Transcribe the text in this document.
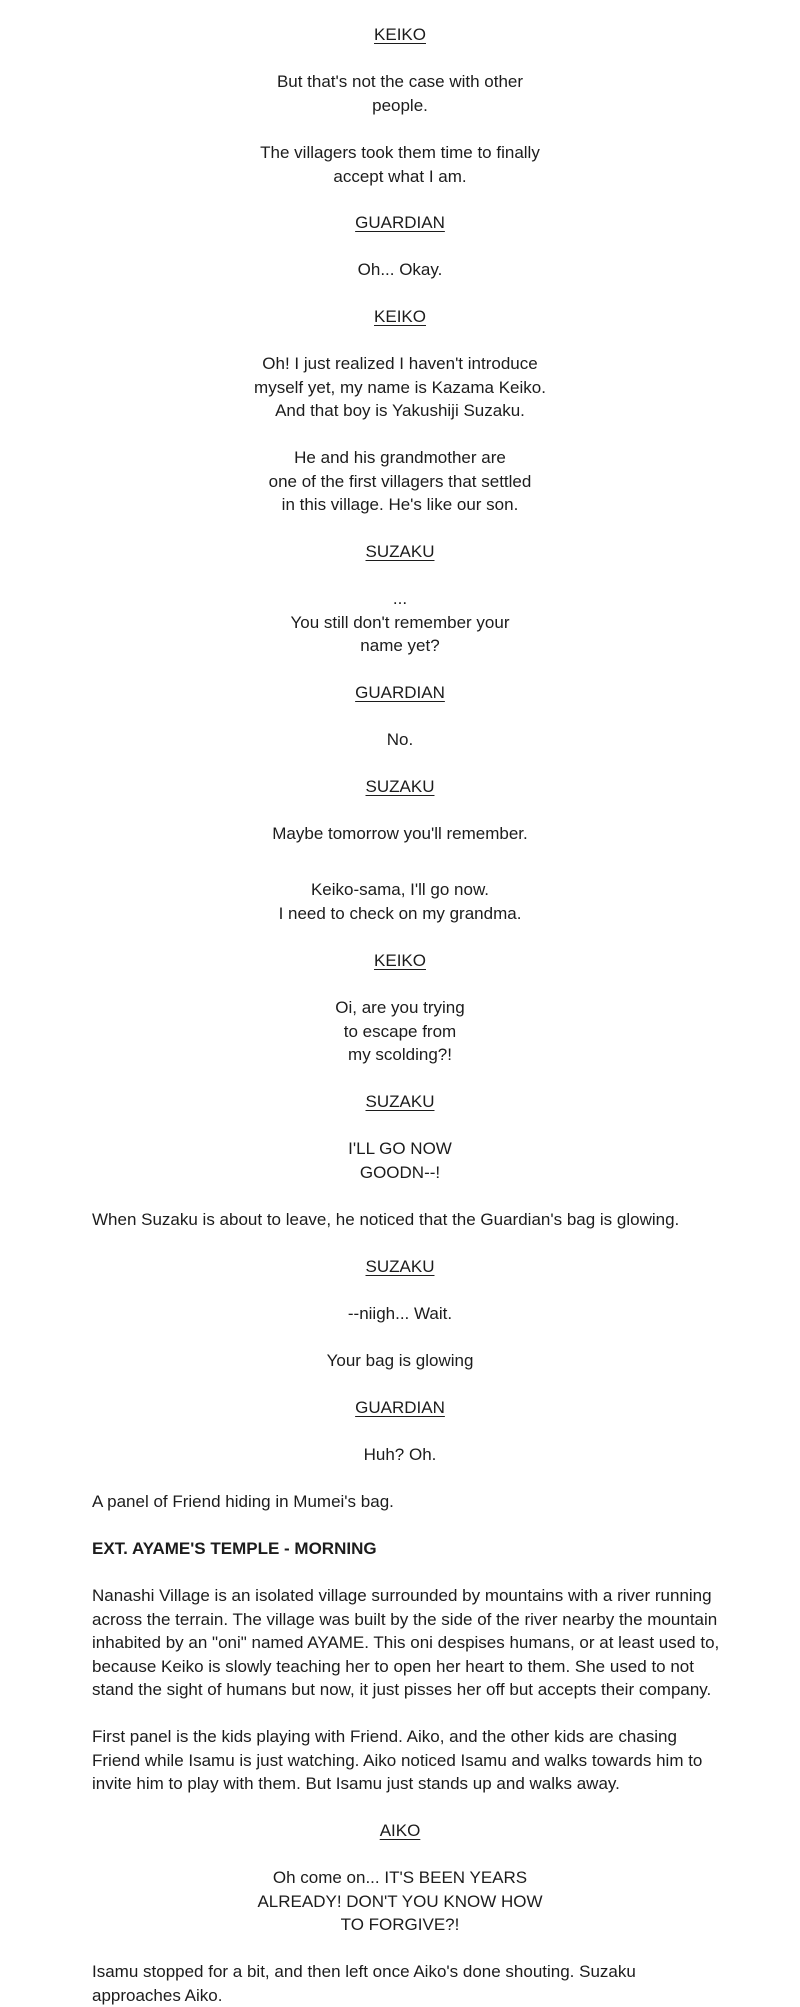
KEIKO
But that's not the case with other
people.
The villagers took them time to finally
accept what I am.
GUARDIAN
Oh... Okay.
KEIKO
Oh! I just realized I haven't introduce
myself yet, my name is Kazama Keiko.
And that boy is Yakushiji Suzaku.
He and his grandmother are
one of the first villagers that settled
in this village. He's like our son.
SUZAKU
...
You still don't remember your
name yet?
GUARDIAN
No.
SUZAKU
Maybe tomorrow you'll remember.
Keiko-sama, I'll go now.
I need to check on my grandma.
KEIKO
Oi, are you trying
to escape from
my scolding?!
SUZAKU
I'LL GO NOW
GOODN--!
When Suzaku is about to leave, he noticed that the Guardian's bag is glowing.
SUZAKU
--niigh... Wait.
Your bag is glowing
GUARDIAN
Huh? Oh.
A panel of Friend hiding in Mumei's bag.
EXT. AYAME'S TEMPLE - MORNING
Nanashi Village is an isolated village surrounded by mountains with a river running
across the terrain. The village was built by the side of the river nearby the mountain
inhabited by an "oni" named AYAME. This oni despises humans, or at least used to,
because Keiko is slowly teaching her to open her heart to them. She used to not
stand the sight of humans but now, it just pisses her off but accepts their company.
First panel is the kids playing with Friend. Aiko, and the other kids are chasing
Friend while Isamu is just watching. Aiko noticed Isamu and walks towards him to
invite him to play with them. But Isamu just stands up and walks away.
AIKO
Oh come on... IT'S BEEN YEARS
ALREADY! DON'T YOU KNOW HOW
TO FORGIVE?!
Isamu stopped for a bit, and then left once Aiko's done shouting. Suzaku
approaches Aiko.
